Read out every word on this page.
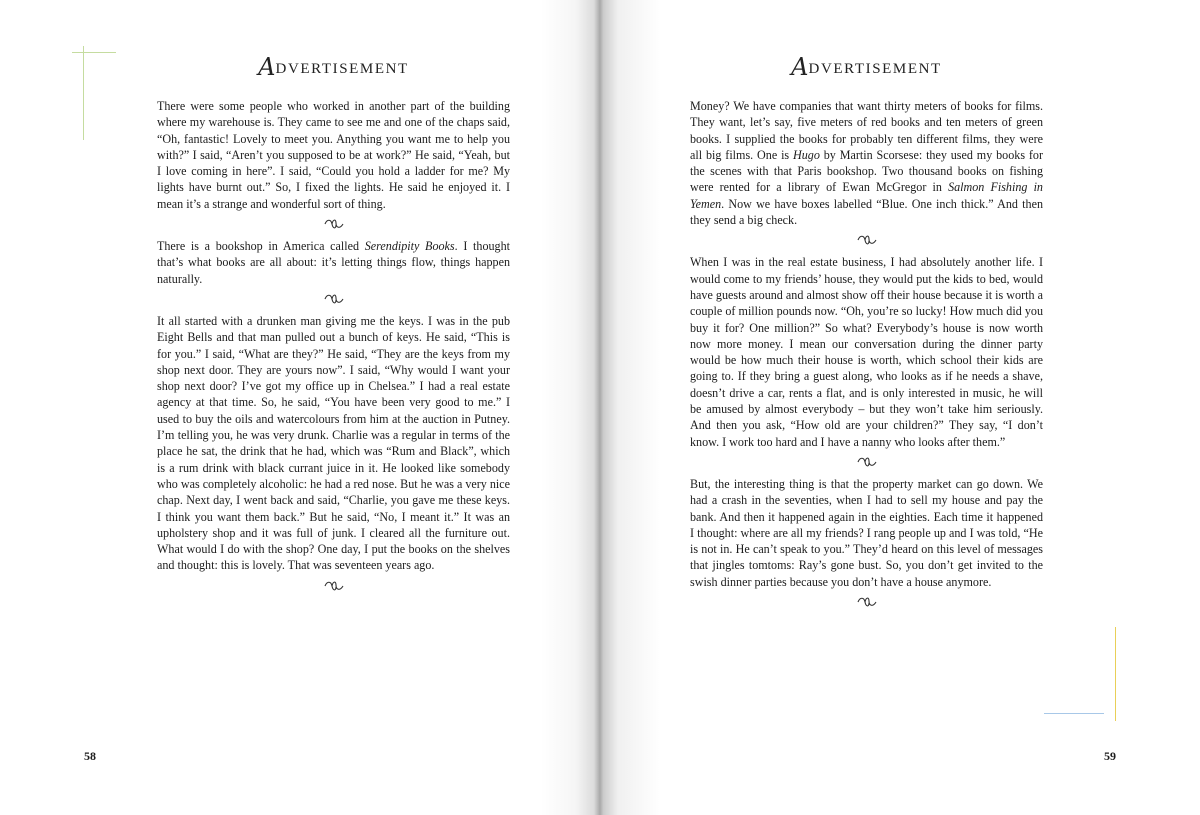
ADVERTISEMENT

There were some people who worked in another part of the building where my warehouse is. They came to see me and one of the chaps said, “Oh, fantastic! Lovely to meet you. Anything you want me to help you with?” I said, “Aren’t you supposed to be at work?” He said, “Yeah, but I love coming in here”. I said, “Could you hold a ladder for me? My lights have burnt out.” So, I fixed the lights. He said he enjoyed it. I mean it’s a strange and wonderful sort of thing.

There is a bookshop in America called Serendipity Books. I thought that’s what books are all about: it’s letting things flow, things happen naturally.

It all started with a drunken man giving me the keys. I was in the pub Eight Bells and that man pulled out a bunch of keys. He said, “This is for you.” I said, “What are they?” He said, “They are the keys from my shop next door. They are yours now”. I said, “Why would I want your shop next door? I’ve got my office up in Chelsea.” I had a real estate agency at that time. So, he said, “You have been very good to me.” I used to buy the oils and watercolours from him at the auction in Putney. I’m telling you, he was very drunk. Charlie was a regular in terms of the place he sat, the drink that he had, which was “Rum and Black”, which is a rum drink with black currant juice in it. He looked like somebody who was completely alcoholic: he had a red nose. But he was a very nice chap. Next day, I went back and said, “Charlie, you gave me these keys. I think you want them back.” But he said, “No, I meant it.” It was an upholstery shop and it was full of junk. I cleared all the furniture out. What would I do with the shop? One day, I put the books on the shelves and thought: this is lovely. That was seventeen years ago.

58

ADVERTISEMENT

Money? We have companies that want thirty meters of books for films. They want, let’s say, five meters of red books and ten meters of green books. I supplied the books for probably ten different films, they were all big films. One is Hugo by Martin Scorsese: they used my books for the scenes with that Paris bookshop. Two thousand books on fishing were rented for a library of Ewan McGregor in Salmon Fishing in Yemen. Now we have boxes labelled “Blue. One inch thick.” And then they send a big check.

When I was in the real estate business, I had absolutely another life. I would come to my friends’ house, they would put the kids to bed, would have guests around and almost show off their house because it is worth a couple of million pounds now. “Oh, you’re so lucky! How much did you buy it for? One million?” So what? Everybody’s house is now worth now more money. I mean our conversation during the dinner party would be how much their house is worth, which school their kids are going to. If they bring a guest along, who looks as if he needs a shave, doesn’t drive a car, rents a flat, and is only interested in music, he will be amused by almost everybody – but they won’t take him seriously. And then you ask, “How old are your children?” They say, “I don’t know. I work too hard and I have a nanny who looks after them.”

But, the interesting thing is that the property market can go down. We had a crash in the seventies, when I had to sell my house and pay the bank. And then it happened again in the eighties. Each time it happened I thought: where are all my friends? I rang people up and I was told, “He is not in. He can’t speak to you.” They’d heard on this level of messages that jingles tomtoms: Ray’s gone bust. So, you don’t get invited to the swish dinner parties because you don’t have a house anymore.

59
